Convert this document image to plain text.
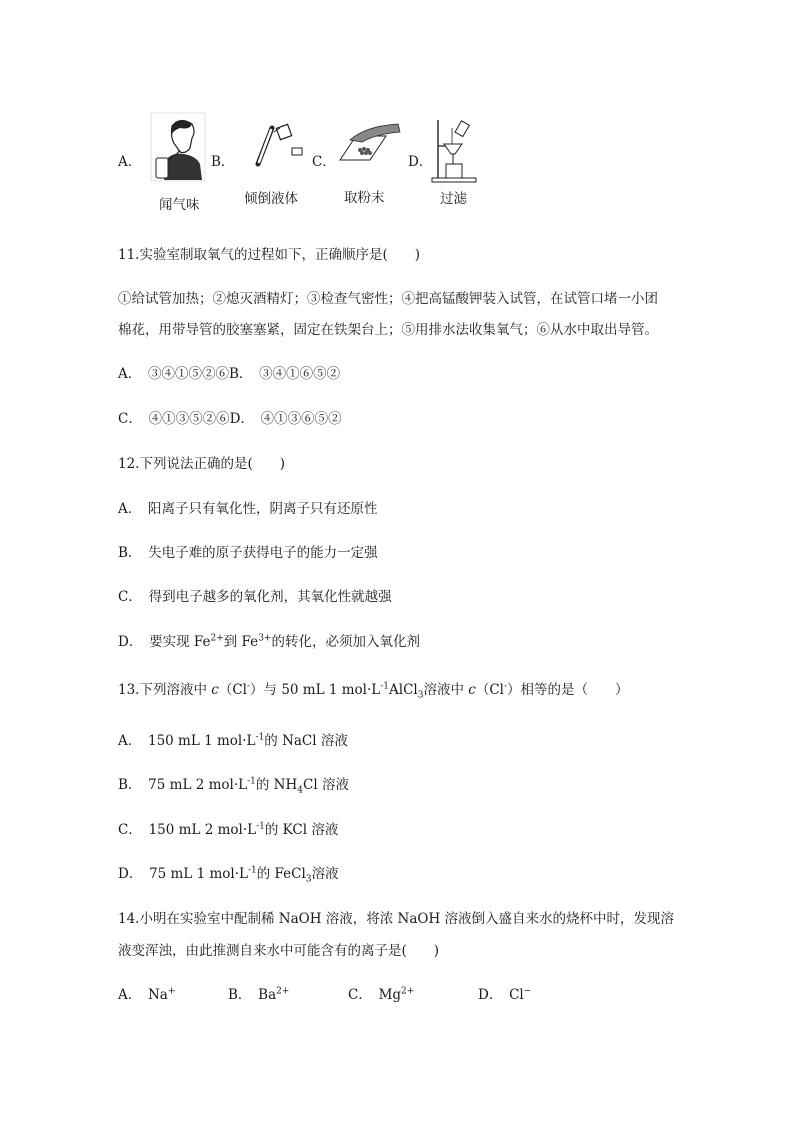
A．	B．	C．	D．
闻气味	倾倒液体	取粉末	过滤
11.实验室制取氧气的过程如下，正确顺序是(　　)
①给试管加热；②熄灭酒精灯；③检查气密性；④把高锰酸钾装入试管，在试管口堵一小团
棉花，用带导管的胶塞塞紧，固定在铁架台上；⑤用排水法收集氧气；⑥从水中取出导管。
A．　③④①⑤②⑥B．　③④①⑥⑤②
C．　④①③⑤②⑥D．　④①③⑥⑤②
12.下列说法正确的是(　　)
A．　阳离子只有氧化性，阴离子只有还原性
B．　失电子难的原子获得电子的能力一定强
C．　得到电子越多的氧化剂，其氧化性就越强
D．　要实现 $Fe^{2+}$到 $Fe^{3+}$的转化，必须加入氧化剂
13.下列溶液中 c（Cl-）与 50 mL 1 $mol\cdot L^{-1}AlCl_3$溶液中 c（Cl-）相等的是（　　）
A．　150 mL 1 $mol\cdot L^{-1}$的 NaCl 溶液
B．　75 mL 2 $mol\cdot L^{-1}$的 $NH_4Cl$ 溶液
C．　150 mL 2 $mol\cdot L^{-1}$的 KCl 溶液
D．　75 mL 1 $mol\cdot L^{-1}$的 FeCl$_3$溶液
14.小明在实验室中配制稀 NaOH 溶液，将浓 NaOH 溶液倒入盛自来水的烧杯中时，发现溶
液变浑浊，由此推测自来水中可能含有的离子是(　　)
A．　Na+	B．　$Ba^{2+}$	C．　$Mg^{2+}$	D．　Cl−
